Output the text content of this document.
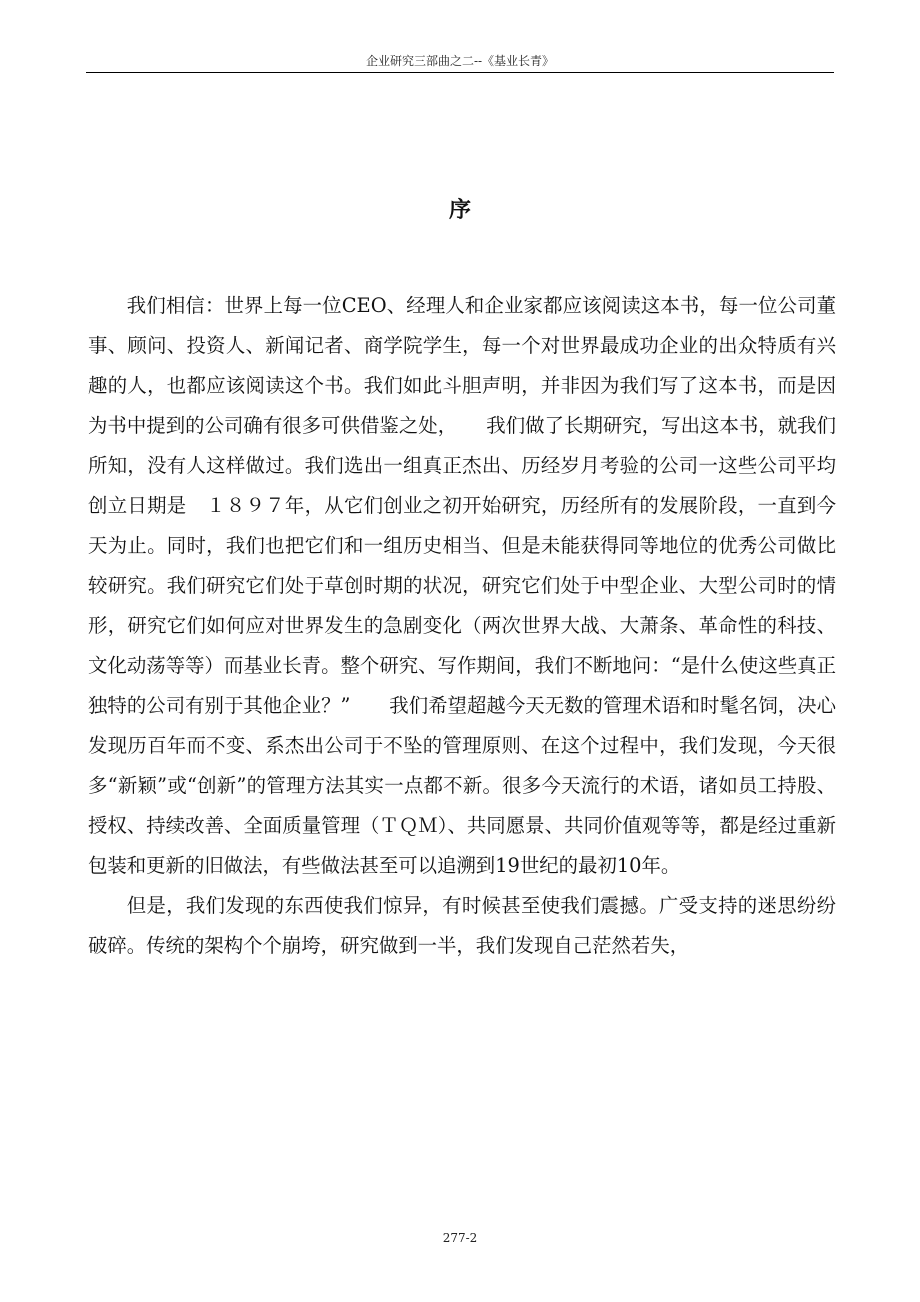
企业研究三部曲之二--《基业长青》
序

我们相信：世界上每一位CEO、经理人和企业家都应该阅读这本书，每一位公司董事、顾问、投资人、新闻记者、商学院学生，每一个对世界最成功企业的出众特质有兴趣的人，也都应该阅读这个书。我们如此斗胆声明，并非因为我们写了这本书，而是因为书中提到的公司确有很多可供借鉴之处，　　我们做了长期研究，写出这本书，就我们所知，没有人这样做过。我们选出一组真正杰出、历经岁月考验的公司一这些公司平均创立日期是　１８９７年，从它们创业之初开始研究，历经所有的发展阶段，一直到今天为止。同时，我们也把它们和一组历史相当、但是未能获得同等地位的优秀公司做比较研究。我们研究它们处于草创时期的状况，研究它们处于中型企业、大型公司时的情形，研究它们如何应对世界发生的急剧变化（两次世界大战、大萧条、革命性的科技、文化动荡等等）而基业长青。整个研究、写作期间，我们不断地问：“是什么使这些真正独特的公司有别于其他企业？”　　我们希望超越今天无数的管理术语和时髦名饲，决心发现历百年而不变、系杰出公司于不坠的管理原则、在这个过程中，我们发现，今天很多“新颖”或“创新”的管理方法其实一点都不新。很多今天流行的术语，诸如员工持股、授权、持续改善、全面质量管理（ＴＱＭ）、共同愿景、共同价值观等等，都是经过重新包装和更新的旧做法，有些做法甚至可以追溯到19世纪的最初10年。

但是，我们发现的东西使我们惊异，有时候甚至使我们震撼。广受支持的迷思纷纷破碎。传统的架构个个崩垮，研究做到一半，我们发现自己茫然若失，

277-2
